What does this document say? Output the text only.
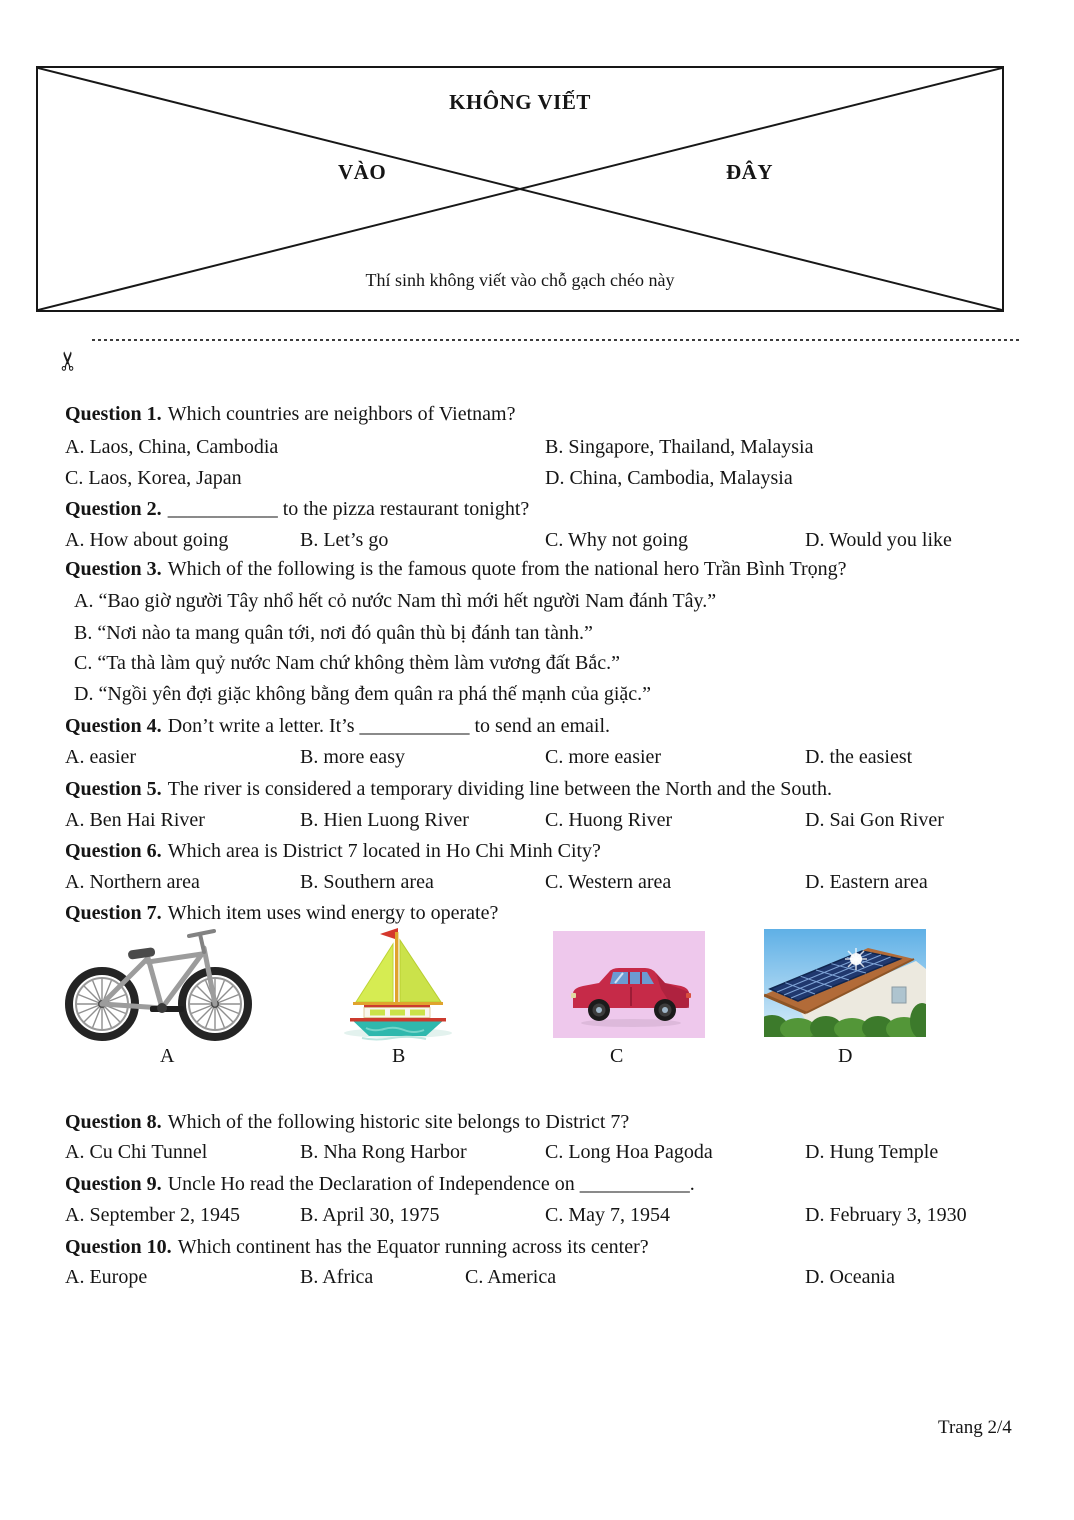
KHÔNG VIẾT
VÀO	ĐÂY
Thí sinh không viết vào chỗ gạch chéo này
✂
Question 1. Which countries are neighbors of Vietnam?
A. Laos, China, Cambodia	B. Singapore, Thailand, Malaysia
C. Laos, Korea, Japan	D. China, Cambodia, Malaysia
Question 2. ___________ to the pizza restaurant tonight?
A. How about going	B. Let’s go	C. Why not going	D. Would you like
Question 3. Which of the following is the famous quote from the national hero Trần Bình Trọng?
A. “Bao giờ người Tây nhổ hết cỏ nước Nam thì mới hết người Nam đánh Tây.”
B. “Nơi nào ta mang quân tới, nơi đó quân thù bị đánh tan tành.”
C. “Ta thà làm quỷ nước Nam chứ không thèm làm vương đất Bắc.”
D. “Ngồi yên đợi giặc không bằng đem quân ra phá thế mạnh của giặc.”
Question 4. Don’t write a letter. It’s ___________ to send an email.
A. easier	B. more easy	C. more easier	D. the easiest
Question 5. The river is considered a temporary dividing line between the North and the South.
A. Ben Hai River	B. Hien Luong River	C. Huong River	D. Sai Gon River
Question 6. Which area is District 7 located in Ho Chi Minh City?
A. Northern area	B. Southern area	C. Western area	D. Eastern area
Question 7. Which item uses wind energy to operate?
A	B	C	D
Question 8. Which of the following historic site belongs to District 7?
A. Cu Chi Tunnel	B. Nha Rong Harbor	C. Long Hoa Pagoda	D. Hung Temple
Question 9. Uncle Ho read the Declaration of Independence on ___________.
A. September 2, 1945	B. April 30, 1975	C. May 7, 1954	D. February 3, 1930
Question 10. Which continent has the Equator running across its center?
A. Europe	B. Africa	C. America	D. Oceania
Trang 2/4
